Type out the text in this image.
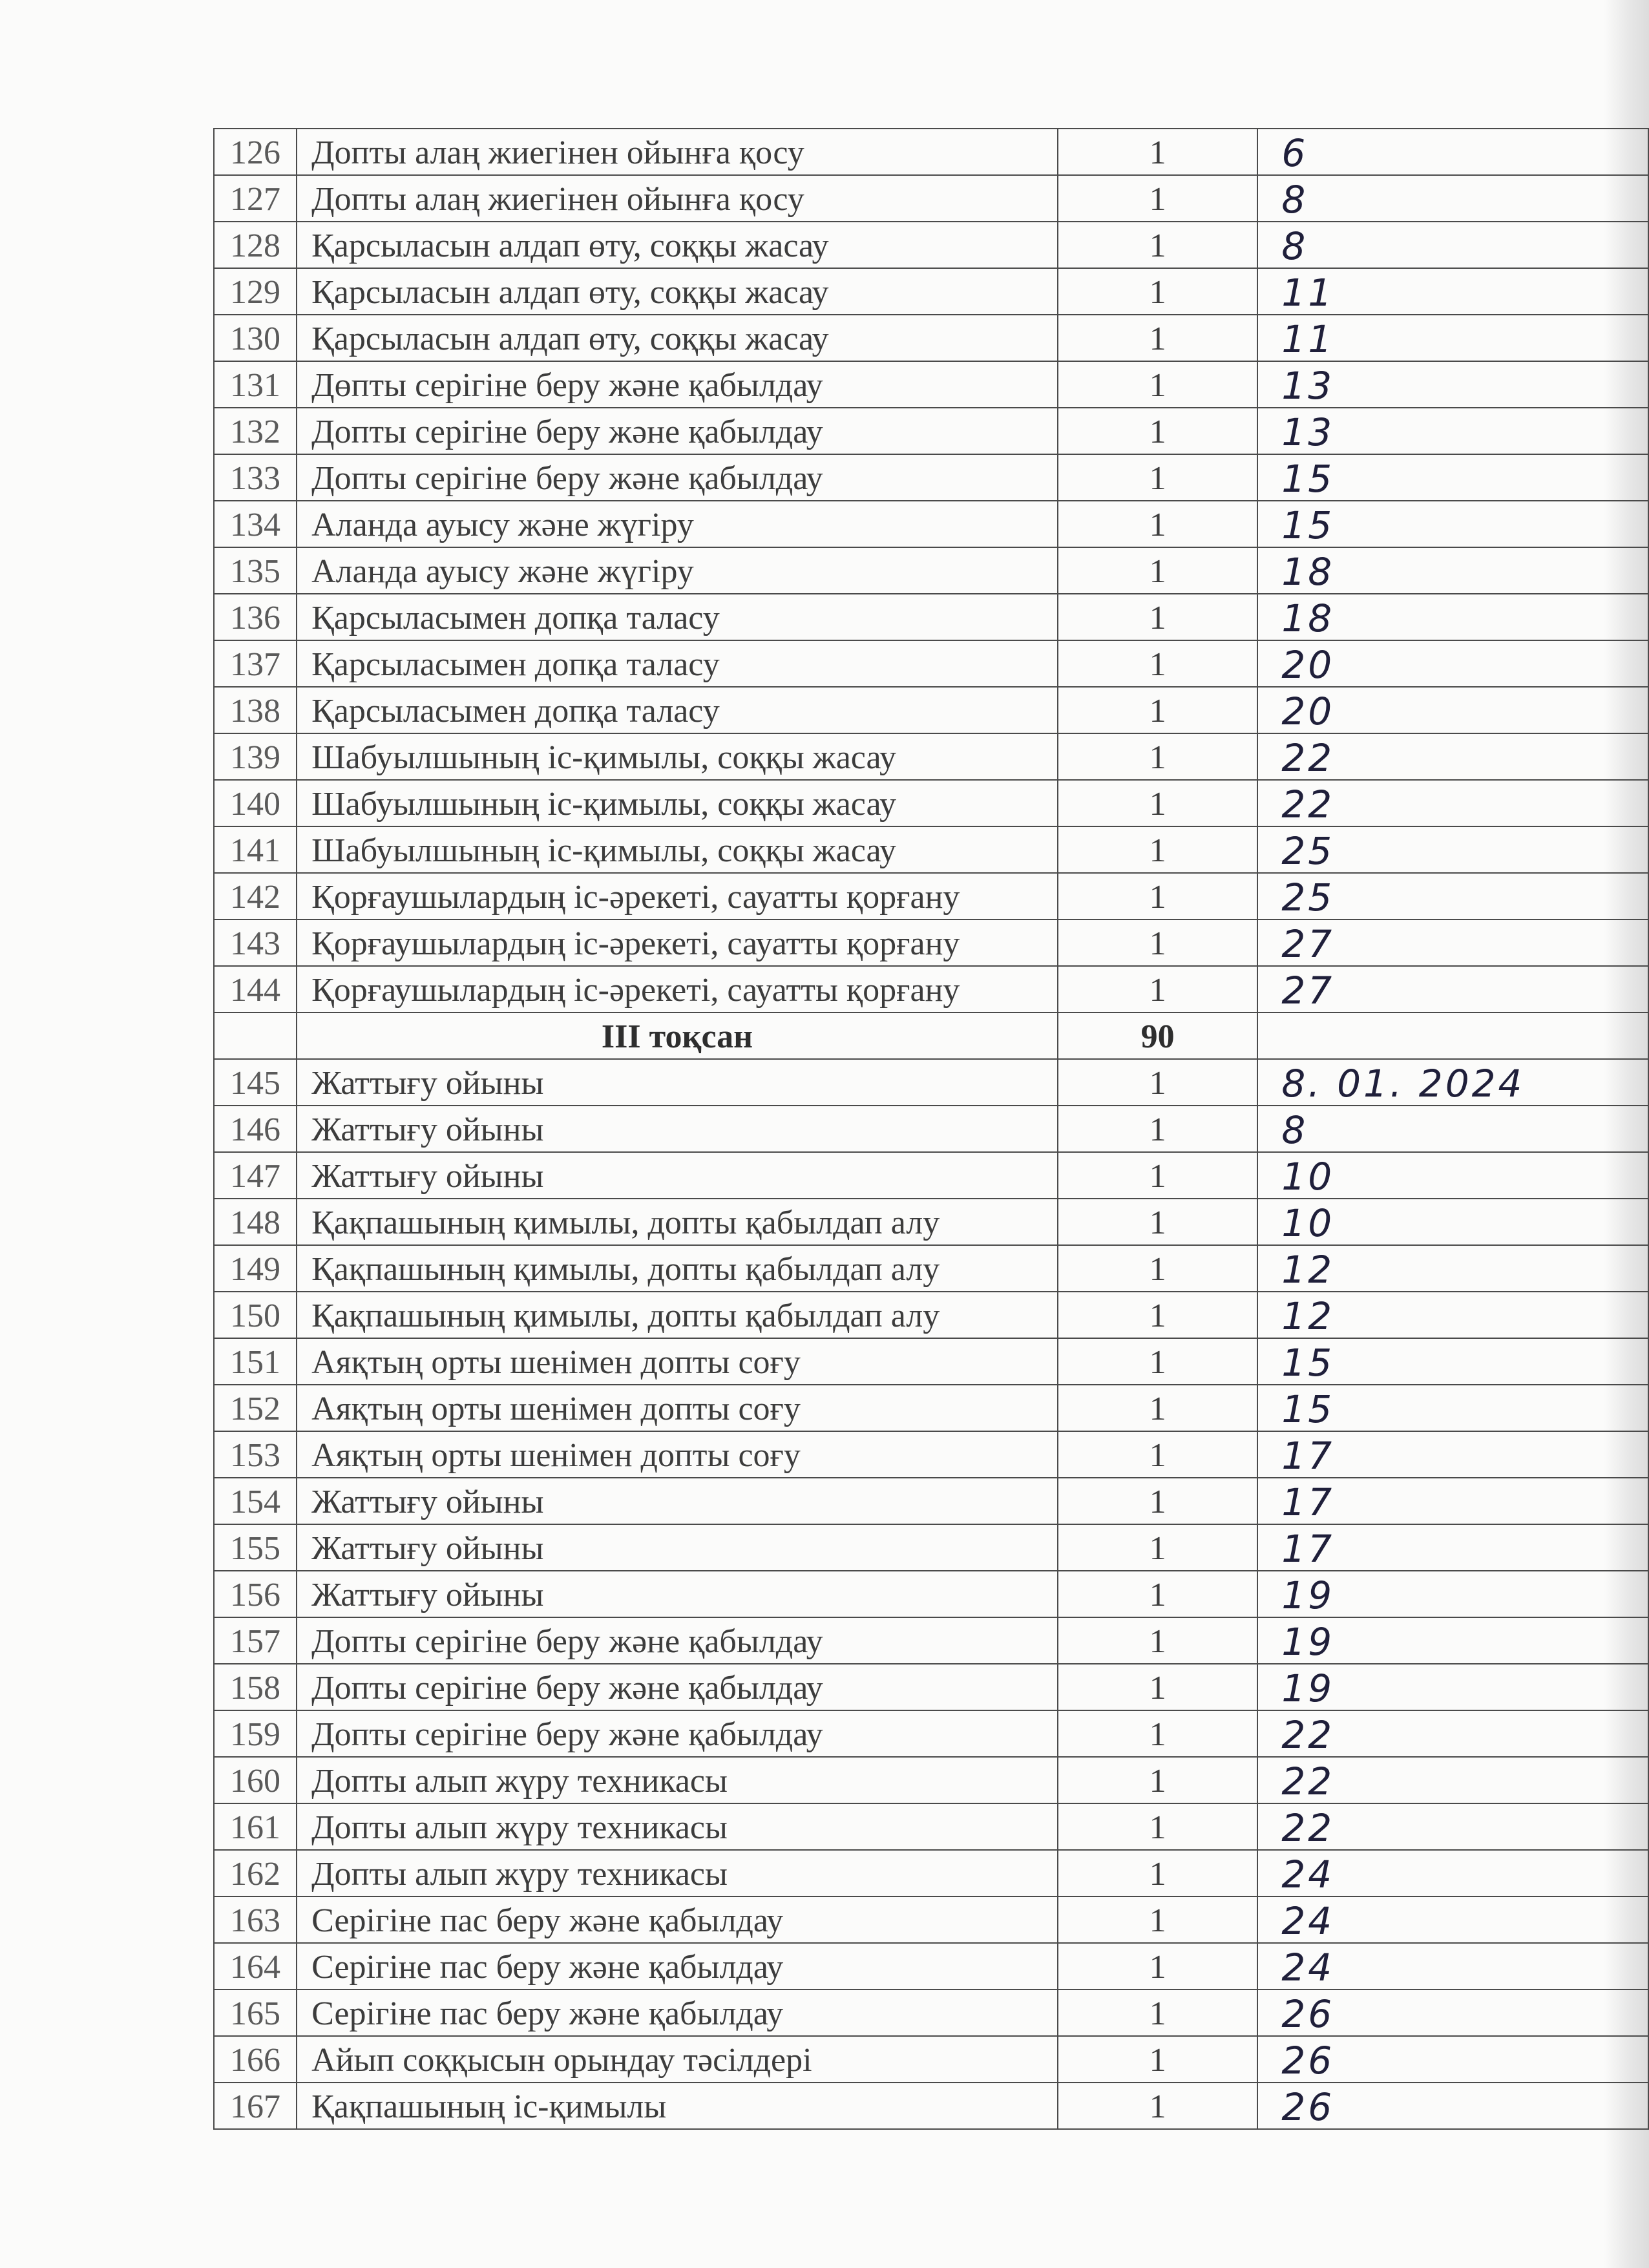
126	Допты алаң жиегінен ойынға қосу	1	6
127	Допты алаң жиегінен ойынға қосу	1	8
128	Қарсыласын алдап өту, соққы жасау	1	8
129	Қарсыласын алдап өту, соққы жасау	1	11
130	Қарсыласын алдап өту, соққы жасау	1	11
131	Дөпты серігіне беру және қабылдау	1	13
132	Допты серігіне беру және қабылдау	1	13
133	Допты серігіне беру және қабылдау	1	15
134	Аланда ауысу және жүгіру	1	15
135	Аланда ауысу және жүгіру	1	18
136	Қарсыласымен допқа таласу	1	18
137	Қарсыласымен допқа таласу	1	20
138	Қарсыласымен допқа таласу	1	20
139	Шабуылшының іс-қимылы, соққы жасау	1	22
140	Шабуылшының іс-қимылы, соққы жасау	1	22
141	Шабуылшының іс-қимылы, соққы жасау	1	25
142	Қорғаушылардың іс-әрекеті, сауатты қорғану	1	25
143	Қорғаушылардың іс-әрекеті, сауатты қорғану	1	27
144	Қорғаушылардың іс-әрекеті, сауатты қорғану	1	27
	ІІІ тоқсан	90	
145	Жаттығу ойыны	1	8. 01. 2024
146	Жаттығу ойыны	1	8
147	Жаттығу ойыны	1	10
148	Қақпашының қимылы, допты қабылдап алу	1	10
149	Қақпашының қимылы, допты қабылдап алу	1	12
150	Қақпашының қимылы, допты қабылдап алу	1	12
151	Аяқтың орты шенімен допты соғу	1	15
152	Аяқтың орты шенімен допты соғу	1	15
153	Аяқтың орты шенімен допты соғу	1	17
154	Жаттығу ойыны	1	17
155	Жаттығу ойыны	1	17
156	Жаттығу ойыны	1	19
157	Допты серігіне беру және қабылдау	1	19
158	Допты серігіне беру және қабылдау	1	19
159	Допты серігіне беру және қабылдау	1	22
160	Допты алып жүру техникасы	1	22
161	Допты алып жүру техникасы	1	22
162	Допты алып жүру техникасы	1	24
163	Серігіне пас беру және қабылдау	1	24
164	Серігіне пас беру және қабылдау	1	24
165	Серігіне пас беру және қабылдау	1	26
166	Айып соққысын орындау тәсілдері	1	26
167	Қақпашының іс-қимылы	1	26
